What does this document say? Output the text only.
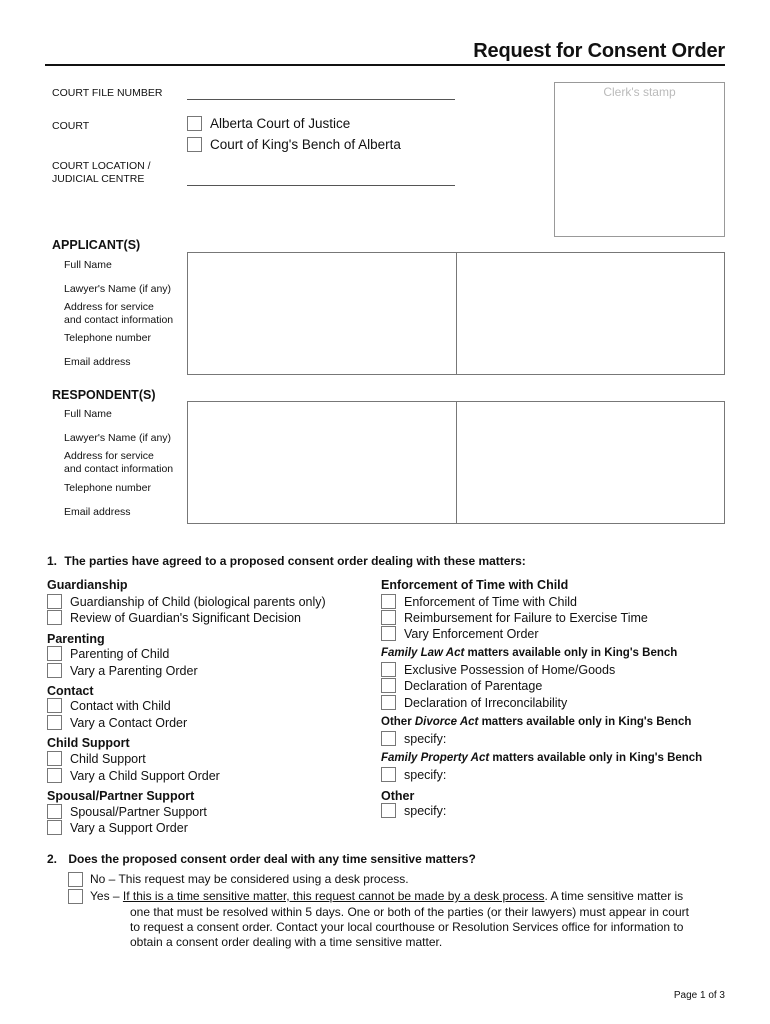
Request for Consent Order
COURT FILE NUMBER
COURT	Alberta Court of Justice
Court of King's Bench of Alberta
COURT LOCATION /
JUDICIAL CENTRE
Clerk's stamp
APPLICANT(S)
Full Name
Lawyer's Name (if any)
Address for service
and contact information
Telephone number
Email address
RESPONDENT(S)
Full Name
Lawyer's Name (if any)
Address for service
and contact information
Telephone number
Email address
1. The parties have agreed to a proposed consent order dealing with these matters:
Guardianship
Guardianship of Child (biological parents only)
Review of Guardian's Significant Decision
Parenting
Parenting of Child
Vary a Parenting Order
Contact
Contact with Child
Vary a Contact Order
Child Support
Child Support
Vary a Child Support Order
Spousal/Partner Support
Spousal/Partner Support
Vary a Support Order
Enforcement of Time with Child
Enforcement of Time with Child
Reimbursement for Failure to Exercise Time
Vary Enforcement Order
Family Law Act matters available only in King's Bench
Exclusive Possession of Home/Goods
Declaration of Parentage
Declaration of Irreconcilability
Other Divorce Act matters available only in King's Bench
specify:
Family Property Act matters available only in King's Bench
specify:
Other
specify:
2. Does the proposed consent order deal with any time sensitive matters?
No – This request may be considered using a desk process.
Yes – If this is a time sensitive matter, this request cannot be made by a desk process. A time sensitive matter is
one that must be resolved within 5 days. One or both of the parties (or their lawyers) must appear in court
to request a consent order. Contact your local courthouse or Resolution Services office for information to
obtain a consent order dealing with a time sensitive matter.
Page 1 of 3
